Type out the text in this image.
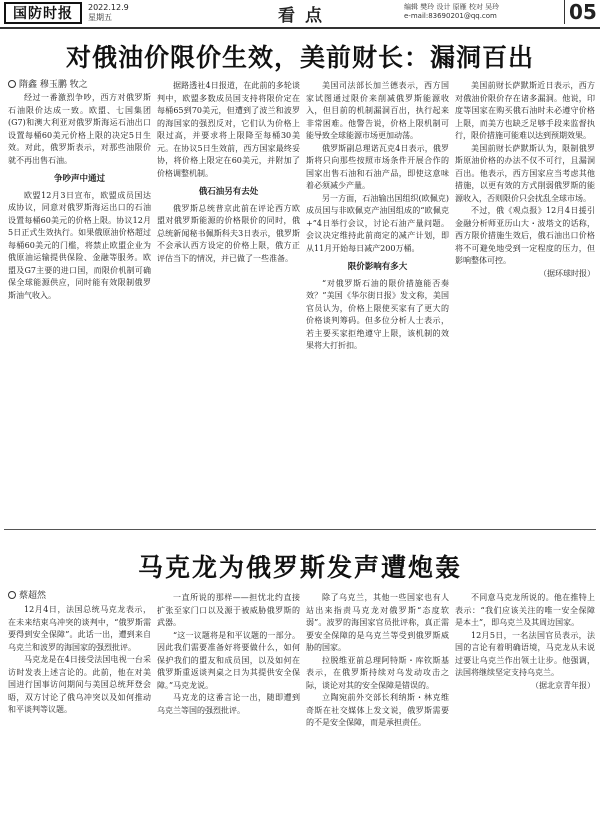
国防时报	2022.12.9
星期五	看点	编辑 樊玲 设计 原雁 校对 吴玲
e-mail:83690201@qq.com	05
对俄油价限价生效，美前财长：漏洞百出
隋鑫 穆玉鹏 牧之

经过一番激烈争吵，西方对俄罗斯石油限价达成一致。欧盟、七国集团(G7)和澳大利亚对俄罗斯海运石油出口设置每桶60美元价格上限的决定5日生效。对此，俄罗斯表示，对那些油限价就不再出售石油。

争吵声中通过

欧盟12月3日宣布，欧盟成员国达成协议，同意对俄罗斯海运出口的石油设置每桶60美元的价格上限。协议12月5日正式生效执行。如果俄原油价格超过每桶60美元的门槛，将禁止欧盟企业为俄原油运输提供保险、金融等服务。欧盟及G7主要的进口国，而限价机制可确保全球能源供应，同时能有效限制俄罗斯油气收入。

据路透社4日报道，在此前的多轮谈判中，欧盟多数成员国支持将限价定在每桶65到70美元，但遭到了波兰和波罗的海国家的强烈反对，它们认为价格上限过高，并要求将上限降至每桶30美元。在协议5日生效前，西方国家最终妥协，将价格上限定在60美元，并附加了价格调整机制。

俄石油另有去处

俄罗斯总统普京此前在评论西方欧盟对俄罗斯能源的价格限价的同时，俄总统新闻秘书佩斯科夫3日表示，俄罗斯不会承认西方设定的价格上限，俄方正评估当下的情况，并已做了一些准备。

美国司法部长加兰德表示，西方国家试图通过限价来削减俄罗斯能源收入，但目前的机制漏洞百出，执行起来非常困难。他警告说，价格上限机制可能导致全球能源市场更加动荡。

俄罗斯副总理诺瓦克4日表示，俄罗斯将只向那些按照市场条件开展合作的国家出售石油和石油产品，即使这意味着必须减少产量。

另一方面，石油输出国组织(欧佩克)成员国与非欧佩克产油国组成的“欧佩克+”4日举行会议，讨论石油产量问题。会议决定维持此前商定的减产计划，即从11月开始每日减产200万桶。

限价影响有多大

“对俄罗斯石油的限价措施能否奏效？”美国《华尔街日报》发文称，美国官员认为，价格上限使买家有了更大的价格谈判筹码。但多位分析人士表示，若主要买家拒绝遵守上限，该机制的效果将大打折扣。

美国前财长萨默斯近日表示，西方对俄油价限价存在诸多漏洞。他说，印度等国家在购买俄石油时未必遵守价格上限，而美方也缺乏足够手段来监督执行，限价措施可能难以达到预期效果。

美国前财长萨默斯认为，限制俄罗斯原油价格的办法不仅不可行，且漏洞百出。他表示，西方国家应当考虑其他措施，以更有效的方式削弱俄罗斯的能源收入，否则限价只会扰乱全球市场。

不过，俄《观点报》12月4日援引金融分析师亚历山大・波塔文的话称，西方限价措施生效后，俄石油出口价格将不可避免地受到一定程度的压力，但影响整体可控。

（据环球时报）

马克龙为俄罗斯发声遭炮轰
蔡超然

12月4日，法国总统马克龙表示，在未来结束乌冲突的谈判中，“俄罗斯需要得到安全保障”。此话一出，遭到来自乌克兰和波罗的海国家的强烈批评。

马克龙是在4日接受法国电视一台采访时发表上述言论的。此前，他在对美国进行国事访问期间与美国总统拜登会晤，双方讨论了俄乌冲突以及如何推动和平谈判等议题。

一直所说的那样——担忧北约直接扩张至家门口以及源于被威胁俄罗斯的武器。

“这一议题将是和平议题的一部分。因此我们需要准备好将要做什么，如何保护我们的盟友和成员国，以及如何在俄罗斯重返谈判桌之日为其提供安全保障。”马克龙说。

马克龙的这番言论一出，随即遭到乌克兰等国的强烈批评。

除了乌克兰，其他一些国家也有人站出来指责马克龙对俄罗斯“态度软弱”。波罗的海国家官员批评称，真正需要安全保障的是乌克兰等受到俄罗斯威胁的国家。

拉脱维亚前总理阿特斯・库钦斯基表示，在俄罗斯持续对乌发动攻击之际，谈论对其的安全保障是错误的。

立陶宛前外交部长利纳斯・林克维奇斯在社交媒体上发文说，俄罗斯需要的不是安全保障，而是承担责任。

不同意马克龙所说的。他在推特上表示：“我们应该关注的唯一安全保障是本土”，即乌克兰及其周边国家。

12月5日，一名法国官员表示，法国的言论有着明确语境，马克龙从未说过要让乌克兰作出领土让步。他强调，法国将继续坚定支持乌克兰。

（据北京青年报）
